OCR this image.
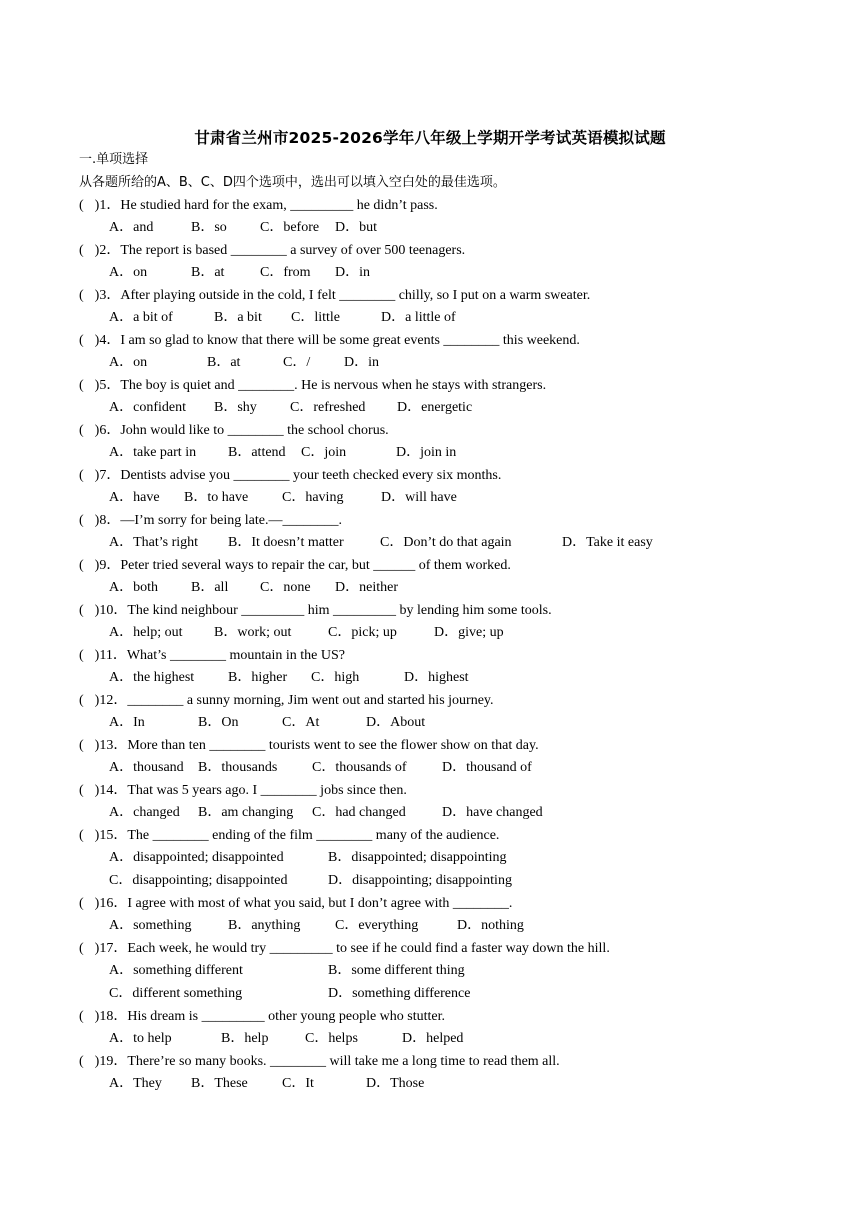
甘肃省兰州市2025-2026学年八年级上学期开学考试英语模拟试题
一.单项选择
从各题所给的A、B、C、D四个选项中，选出可以填入空白处的最佳选项。
( )1．He studied hard for the exam, _________ he didn’t pass.
A．and	B．so C．before D．but
( )2．The report is based ________ a survey of over 500 teenagers.
A．on	B．at	C．from D．in
( )3．After playing outside in the cold, I felt ________ chilly, so I put on a warm sweater.
A．a bit of	B．a bit C．little	D．a little of
( )4．I am so glad to know that there will be some great events ________ this weekend.
A．on	B．at	C．/ D．in
( )5．The boy is quiet and ________. He is nervous when he stays with strangers.
A．confident B．shy C．refreshed D．energetic
( )6．John would like to ________ the school chorus.
A．take part in B．attend C．join	D．join in
( )7．Dentists advise you ________ your teeth checked every six months.
A．have B．to have C．having	D．will have
( )8．—I’m sorry for being late.—________.
A．That’s right B．It doesn’t matter	C．Don’t do that again	D．Take it easy
( )9．Peter tried several ways to repair the car, but ______ of them worked.
A．both B．all C．none D．neither
( )10．The kind neighbour _________ him _________ by lending him some tools.
A．help; out B．work; out	C．pick; up	D．give; up
( )11．What’s ________ mountain in the US?
A．the highest B．higher C．high	D．highest
( )12．________ a sunny morning, Jim went out and started his journey.
A．In	B．On	C．At	D．About
( )13．More than ten ________ tourists went to see the flower show on that day.
A．thousand B．thousands C．thousands of	D．thousand of
( )14．That was 5 years ago. I ________ jobs since then.
A．changed B．am changing C．had changed	D．have changed
( )15．The ________ ending of the film ________ many of the audience.
A．disappointed; disappointed	B．disappointed; disappointing
C．disappointing; disappointed	D．disappointing; disappointing
( )16．I agree with most of what you said, but I don’t agree with ________.
A．something	B．anything C．everything	D．nothing
( )17．Each week, he would try _________ to see if he could find a faster way down the hill.
A．something different	B．some different thing
C．different something	D．something difference
( )18．His dream is _________ other young people who stutter.
A．to help	B．help	C．helps	D．helped
( )19．There’re so many books. ________ will take me a long time to read them all.
A．They B．These C．It	D．Those
